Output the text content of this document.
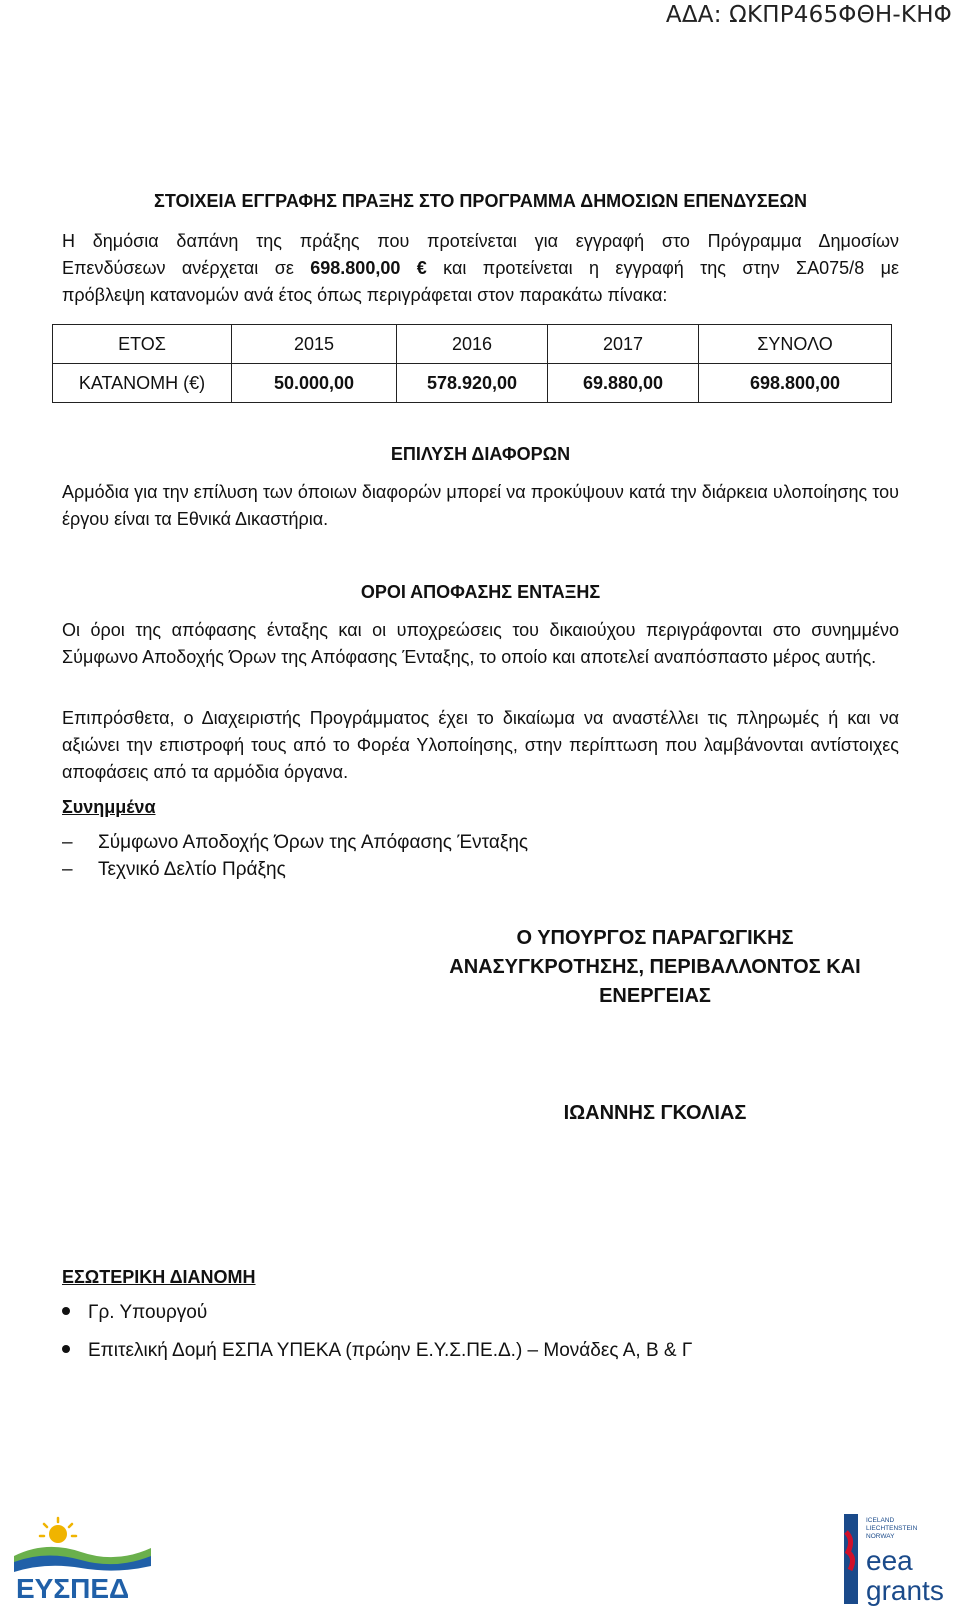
ΑΔΑ: ΩΚΠΡ465ΦΘΗ-ΚΗΦ
ΣΤΟΙΧΕΙΑ ΕΓΓΡΑΦΗΣ ΠΡΑΞΗΣ ΣΤΟ ΠΡΟΓΡΑΜΜΑ ΔΗΜΟΣΙΩΝ ΕΠΕΝΔΥΣΕΩΝ
Η δημόσια δαπάνη της πράξης που προτείνεται για εγγραφή στο Πρόγραμμα Δημοσίων
Επενδύσεων ανέρχεται σε 698.800,00 € και προτείνεται η εγγραφή της στην ΣΑ075/8 με
πρόβλεψη κατανομών ανά έτος όπως περιγράφεται στον παρακάτω πίνακα:
ΕΤΟΣ	2015	2016	2017	ΣΥΝΟΛΟ
ΚΑΤΑΝΟΜΗ (€)	50.000,00	578.920,00	69.880,00	698.800,00
ΕΠΙΛΥΣΗ ΔΙΑΦΟΡΩΝ
Αρμόδια για την επίλυση των όποιων διαφορών μπορεί να προκύψουν κατά την διάρκεια υλοποίησης του έργου είναι τα Εθνικά Δικαστήρια.
ΟΡΟΙ ΑΠΟΦΑΣΗΣ ΕΝΤΑΞΗΣ
Οι όροι της απόφασης ένταξης και οι υποχρεώσεις του δικαιούχου περιγράφονται στο συνημμένο Σύμφωνο Αποδοχής Όρων της Απόφασης Ένταξης, το οποίο και αποτελεί αναπόσπαστο μέρος αυτής.
Επιπρόσθετα, ο Διαχειριστής Προγράμματος έχει το δικαίωμα να αναστέλλει τις πληρωμές ή και να αξιώνει την επιστροφή τους από το Φορέα Υλοποίησης, στην περίπτωση που λαμβάνονται αντίστοιχες αποφάσεις από τα αρμόδια όργανα.
Συνημμένα
– Σύμφωνο Αποδοχής Όρων της Απόφασης Ένταξης
– Τεχνικό Δελτίο Πράξης
Ο ΥΠΟΥΡΓΟΣ ΠΑΡΑΓΩΓΙΚΗΣ
ΑΝΑΣΥΓΚΡΟΤΗΣΗΣ, ΠΕΡΙΒΑΛΛΟΝΤΟΣ ΚΑΙ
ΕΝΕΡΓΕΙΑΣ
ΙΩΑΝΝΗΣ ΓΚΟΛΙΑΣ
ΕΣΩΤΕΡΙΚΗ ΔΙΑΝΟΜΗ
Γρ. Υπουργού
Επιτελική Δομή ΕΣΠΑ ΥΠΕΚΑ (πρώην Ε.Υ.Σ.ΠΕ.Δ.) – Μονάδες Α, Β & Γ
ΕΥΣΠΕΔ
ICELAND
LIECHTENSTEIN
NORWAY
eea
grants
